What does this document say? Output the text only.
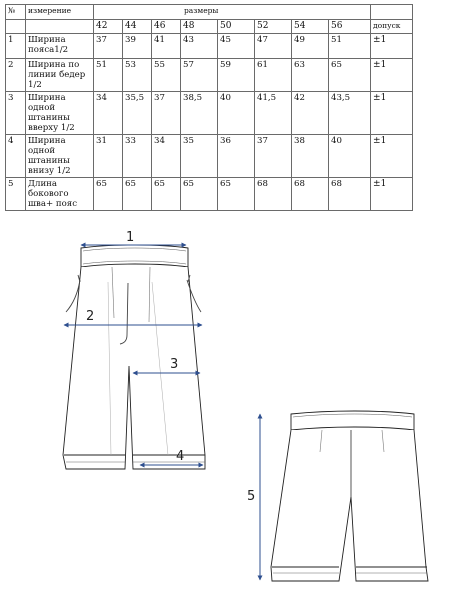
№	измерение	размеры								
		42	44	46	48	50	52	54	56	допуск
1	Ширина пояса1/2	37	39	41	43	45	47	49	51	±1
2	Ширина по линии бедер 1/2	51	53	55	57	59	61	63	65	±1
3	Ширина одной штанины вверху 1/2	34	35,5	37	38,5	40	41,5	42	43,5	±1
4	Ширина одной штанины внизу 1/2	31	33	34	35	36	37	38	40	±1
5	Длина бокового шва+ пояс	65	65	65	65	65	68	68	68	±1
1
2
3
4
5
